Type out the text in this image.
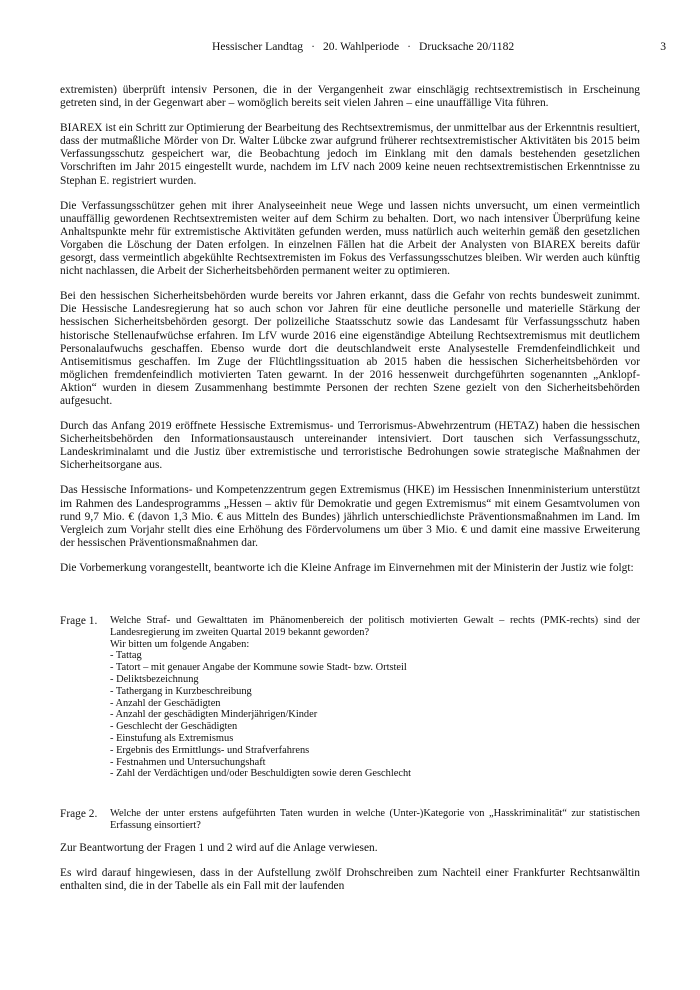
Hessischer Landtag · 20. Wahlperiode · Drucksache 20/1182	3

extremisten) überprüft intensiv Personen, die in der Vergangenheit zwar einschlägig rechtsextremistisch in Erscheinung getreten sind, in der Gegenwart aber – womöglich bereits seit vielen Jahren – eine unauffällige Vita führen.

BIAREX ist ein Schritt zur Optimierung der Bearbeitung des Rechtsextremismus, der unmittelbar aus der Erkenntnis resultiert, dass der mutmaßliche Mörder von Dr. Walter Lübcke zwar aufgrund früherer rechtsextremistischer Aktivitäten bis 2015 beim Verfassungsschutz gespeichert war, die Beobachtung jedoch im Einklang mit den damals bestehenden gesetzlichen Vorschriften im Jahr 2015 eingestellt wurde, nachdem im LfV nach 2009 keine neuen rechtsextremistischen Erkenntnisse zu Stephan E. registriert wurden.

Die Verfassungsschützer gehen mit ihrer Analyseeinheit neue Wege und lassen nichts unversucht, um einen vermeintlich unauffällig gewordenen Rechtsextremisten weiter auf dem Schirm zu behalten. Dort, wo nach intensiver Überprüfung keine Anhaltspunkte mehr für extremistische Aktivitäten gefunden werden, muss natürlich auch weiterhin gemäß den gesetzlichen Vorgaben die Löschung der Daten erfolgen. In einzelnen Fällen hat die Arbeit der Analysten von BIAREX bereits dafür gesorgt, dass vermeintlich abgekühlte Rechtsextremisten im Fokus des Verfassungsschutzes bleiben. Wir werden auch künftig nicht nachlassen, die Arbeit der Sicherheitsbehörden permanent weiter zu optimieren.

Bei den hessischen Sicherheitsbehörden wurde bereits vor Jahren erkannt, dass die Gefahr von rechts bundesweit zunimmt. Die Hessische Landesregierung hat so auch schon vor Jahren für eine deutliche personelle und materielle Stärkung der hessischen Sicherheitsbehörden gesorgt. Der polizeiliche Staatsschutz sowie das Landesamt für Verfassungsschutz haben historische Stellenaufwüchse erfahren. Im LfV wurde 2016 eine eigenständige Abteilung Rechtsextremismus mit deutlichem Personalaufwuchs geschaffen. Ebenso wurde dort die deutschlandweit erste Analysestelle Fremdenfeindlichkeit und Antisemitismus geschaffen. Im Zuge der Flüchtlingssituation ab 2015 haben die hessischen Sicherheitsbehörden vor möglichen fremdenfeindlich motivierten Taten gewarnt. In der 2016 hessenweit durchgeführten sogenannten „Anklopf-Aktion“ wurden in diesem Zusammenhang bestimmte Personen der rechten Szene gezielt von den Sicherheitsbehörden aufgesucht.

Durch das Anfang 2019 eröffnete Hessische Extremismus- und Terrorismus-Abwehrzentrum (HETAZ) haben die hessischen Sicherheitsbehörden den Informationsaustausch untereinander intensiviert. Dort tauschen sich Verfassungsschutz, Landeskriminalamt und die Justiz über extremistische und terroristische Bedrohungen sowie strategische Maßnahmen der Sicherheitsorgane aus.

Das Hessische Informations- und Kompetenzzentrum gegen Extremismus (HKE) im Hessischen Innenministerium unterstützt im Rahmen des Landesprogramms „Hessen – aktiv für Demokratie und gegen Extremismus“ mit einem Gesamtvolumen von rund 9,7 Mio. € (davon 1,3 Mio. € aus Mitteln des Bundes) jährlich unterschiedlichste Präventionsmaßnahmen im Land. Im Vergleich zum Vorjahr stellt dies eine Erhöhung des Fördervolumens um über 3 Mio. € und damit eine massive Erweiterung der hessischen Präventionsmaßnahmen dar.

Die Vorbemerkung vorangestellt, beantworte ich die Kleine Anfrage im Einvernehmen mit der Ministerin der Justiz wie folgt:

Frage 1.	Welche Straf- und Gewalttaten im Phänomenbereich der politisch motivierten Gewalt – rechts (PMK-rechts) sind der Landesregierung im zweiten Quartal 2019 bekannt geworden?
Wir bitten um folgende Angaben:
- Tattag
- Tatort – mit genauer Angabe der Kommune sowie Stadt- bzw. Ortsteil
- Deliktsbezeichnung
- Tathergang in Kurzbeschreibung
- Anzahl der Geschädigten
- Anzahl der geschädigten Minderjährigen/Kinder
- Geschlecht der Geschädigten
- Einstufung als Extremismus
- Ergebnis des Ermittlungs- und Strafverfahrens
- Festnahmen und Untersuchungshaft
- Zahl der Verdächtigen und/oder Beschuldigten sowie deren Geschlecht
Frage 2.	Welche der unter erstens aufgeführten Taten wurden in welche (Unter-)Kategorie von „Hasskriminalität“ zur statistischen Erfassung einsortiert?

Zur Beantwortung der Fragen 1 und 2 wird auf die Anlage verwiesen.

Es wird darauf hingewiesen, dass in der Aufstellung zwölf Drohschreiben zum Nachteil einer Frankfurter Rechtsanwältin enthalten sind, die in der Tabelle als ein Fall mit der laufenden
